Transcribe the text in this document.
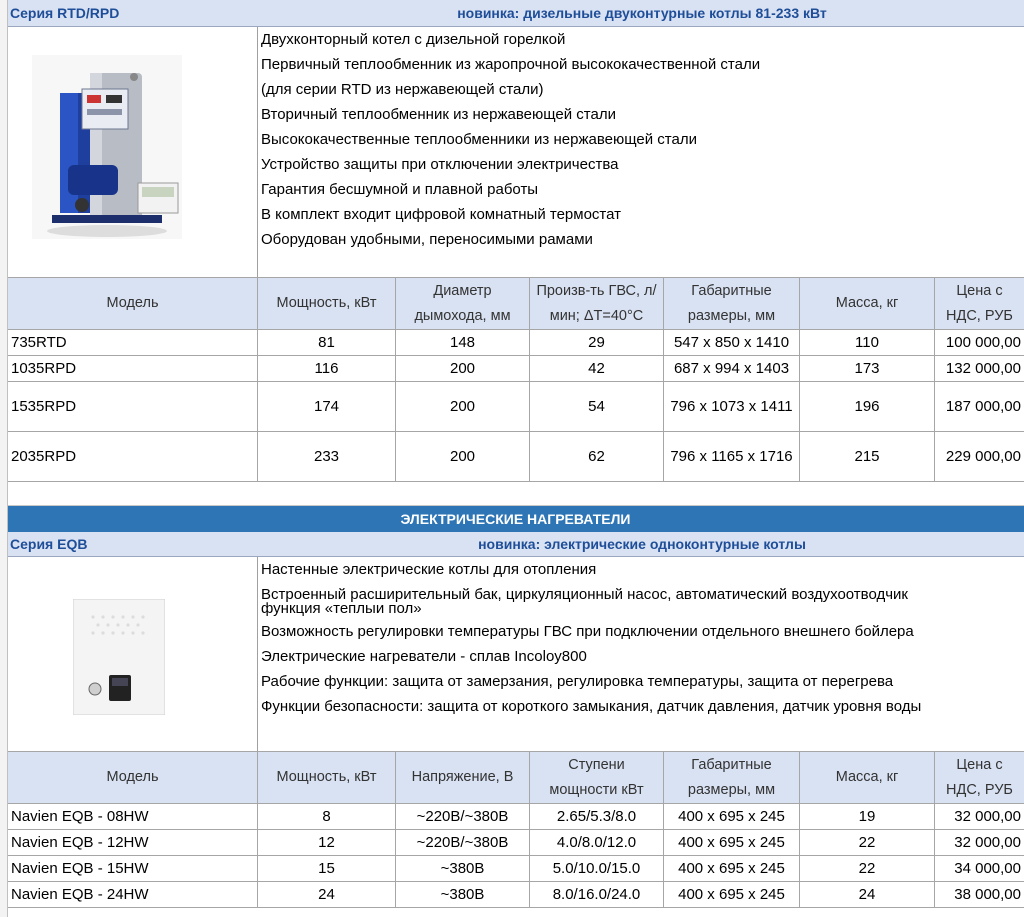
Серия RTD/RPD	новинка: дизельные двуконтурные котлы 81-233 кВт
Двухконторный котел с дизельной горелкой
Первичный теплообменник из жаропрочной высококачественной стали
(для серии RTD из нержавеющей стали)
Вторичный теплообменник из нержавеющей стали
Высококачественные теплообменники из нержавеющей стали
Устройство защиты при отключении электричества
Гарантия бесшумной и плавной работы
В комплект входит цифровой комнатный термостат
Оборудован удобными, переносимыми рамами
Модель	Мощность, кВт	Диаметр дымохода, мм	Произв-ть ГВС, л/мин; ΔT=40°C	Габаритные размеры, мм	Масса, кг	Цена с НДС, РУБ
735RTD	81	148	29	547 x 850 x 1410	110	100 000,00
1035RPD	116	200	42	687 x 994 x 1403	173	132 000,00
1535RPD	174	200	54	796 x 1073 x 1411	196	187 000,00
2035RPD	233	200	62	796 x 1165 x 1716	215	229 000,00
ЭЛЕКТРИЧЕСКИЕ НАГРЕВАТЕЛИ
Серия EQB	новинка: электрические одноконтурные котлы
Настенные электрические котлы для отопления
Встроенный расширительный бак, циркуляционный насос, автоматический воздухоотводчик
функция «теплыи пол»
Возможность регулировки температуры ГВС при подключении отдельного внешнего бойлера
Электрические нагреватели - сплав Incoloy800
Рабочие функции: защита от замерзания, регулировка температуры, защита от перегрева
Функции безопасности: защита от короткого замыкания, датчик давления, датчик уровня воды
Модель	Мощность, кВт	Напряжение, В	Ступени мощности кВт	Габаритные размеры, мм	Масса, кг	Цена с НДС, РУБ
Navien EQB - 08HW	8	~220В/~380В	2.65/5.3/8.0	400 x 695 x 245	19	32 000,00
Navien EQB - 12HW	12	~220В/~380В	4.0/8.0/12.0	400 x 695 x 245	22	32 000,00
Navien EQB - 15HW	15	~380В	5.0/10.0/15.0	400 x 695 x 245	22	34 000,00
Navien EQB - 24HW	24	~380В	8.0/16.0/24.0	400 x 695 x 245	24	38 000,00
